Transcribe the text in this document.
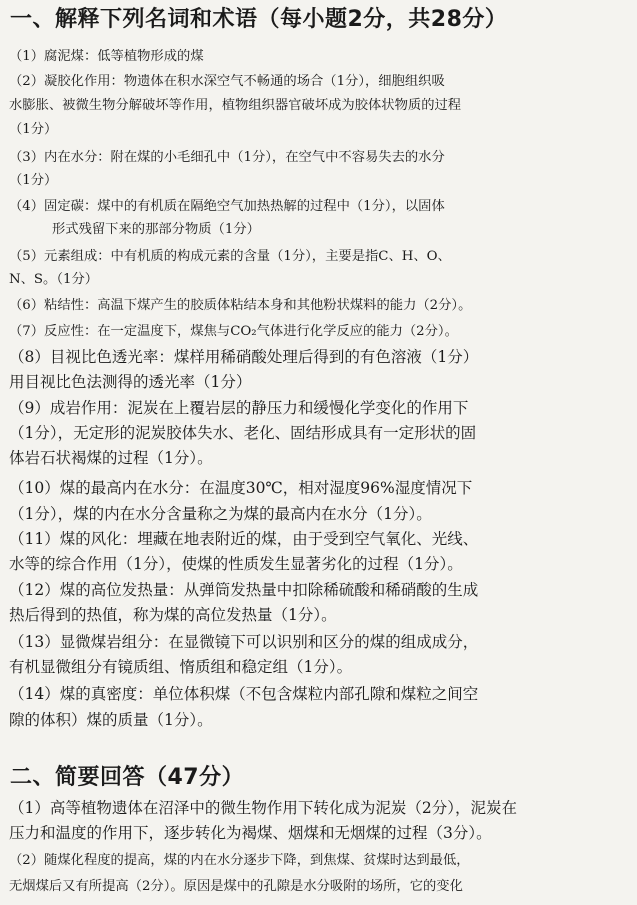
一、解释下列名词和术语（每小题2分，共28分）
（1）腐泥煤：低等植物形成的煤
（2）凝胶化作用：物遗体在积水深空气不畅通的场合（1分），细胞组织吸
水膨胀、被微生物分解破坏等作用，植物组织器官破坏成为胶体状物质的过程
（1分）
（3）内在水分：附在煤的小毛细孔中（1分），在空气中不容易失去的水分
（1分）
（4）固定碳：煤中的有机质在隔绝空气加热热解的过程中（1分），以固体
形式残留下来的那部分物质（1分）
（5）元素组成：中有机质的构成元素的含量（1分），主要是指C、H、O、
N、S。（1分）
（6）粘结性：高温下煤产生的胶质体粘结本身和其他粉状煤料的能力（2分）。
（7）反应性：在一定温度下，煤焦与CO₂气体进行化学反应的能力（2分）。
（8）目视比色透光率：煤样用稀硝酸处理后得到的有色溶液（1分）
用目视比色法测得的透光率（1分）
（9）成岩作用：泥炭在上覆岩层的静压力和缓慢化学变化的作用下
（1分），无定形的泥炭胶体失水、老化、固结形成具有一定形状的固
体岩石状褐煤的过程（1分）。
（10）煤的最高内在水分：在温度30℃，相对湿度96%湿度情况下
（1分），煤的内在水分含量称之为煤的最高内在水分（1分）。
（11）煤的风化：埋藏在地表附近的煤，由于受到空气氧化、光线、
水等的综合作用（1分），使煤的性质发生显著劣化的过程（1分）。
（12）煤的高位发热量：从弹筒发热量中扣除稀硫酸和稀硝酸的生成
热后得到的热值，称为煤的高位发热量（1分）。
（13）显微煤岩组分：在显微镜下可以识别和区分的煤的组成成分，
有机显微组分有镜质组、惰质组和稳定组（1分）。
（14）煤的真密度：单位体积煤（不包含煤粒内部孔隙和煤粒之间空
隙的体积）煤的质量（1分）。
二、简要回答（47分）
（1）高等植物遗体在沼泽中的微生物作用下转化成为泥炭（2分），泥炭在
压力和温度的作用下，逐步转化为褐煤、烟煤和无烟煤的过程（3分）。
（2）随煤化程度的提高，煤的内在水分逐步下降，到焦煤、贫煤时达到最低，
无烟煤后又有所提高（2分）。原因是煤中的孔隙是水分吸附的场所，它的变化
